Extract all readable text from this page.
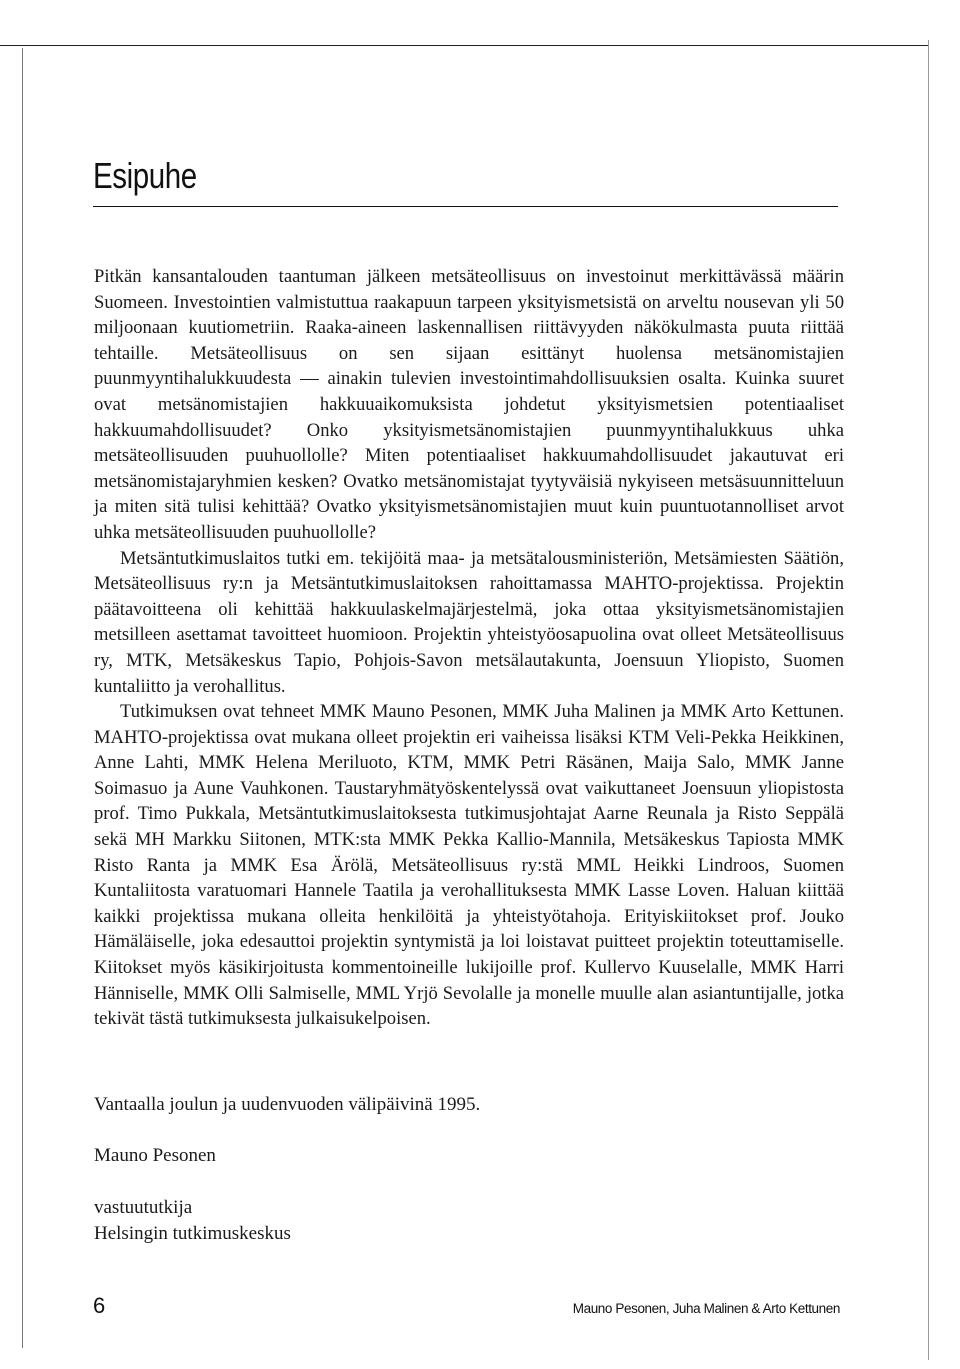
Esipuhe

Pitkän kansantalouden taantuman jälkeen metsäteollisuus on investoinut merkittävässä määrin Suomeen. Investointien valmistuttua raakapuun tarpeen yksityismetsistä on arveltu nousevan yli 50 miljoonaan kuutiometriin. Raaka-aineen laskennallisen riittävyyden näkökulmasta puuta riittää tehtaille. Metsäteollisuus on sen sijaan esittänyt huolensa metsänomistajien puunmyyntihalukkuudesta — ainakin tulevien investointimahdollisuuksien osalta. Kuinka suuret ovat metsänomistajien hakkuuaikomuksista johdetut yksityismetsien potentiaaliset hakkuumahdollisuudet? Onko yksityismetsänomistajien puunmyyntihalukkuus uhka metsäteollisuuden puuhuollolle? Miten potentiaaliset hakkuumahdollisuudet jakautuvat eri metsänomistajaryhmien kesken? Ovatko metsänomistajat tyytyväisiä nykyiseen metsäsuunnitteluun ja miten sitä tulisi kehittää? Ovatko yksityismetsänomistajien muut kuin puuntuotannolliset arvot uhka metsäteollisuuden puuhuollolle?

Metsäntutkimuslaitos tutki em. tekijöitä maa- ja metsätalousministeriön, Metsämiesten Säätiön, Metsäteollisuus ry:n ja Metsäntutkimuslaitoksen rahoittamassa MAHTO-projektissa. Projektin päätavoitteena oli kehittää hakkuulaskelmajärjestelmä, joka ottaa yksityismetsänomistajien metsilleen asettamat tavoitteet huomioon. Projektin yhteistyöosapuolina ovat olleet Metsäteollisuus ry, MTK, Metsäkeskus Tapio, Pohjois-Savon metsälautakunta, Joensuun Yliopisto, Suomen kuntaliitto ja verohallitus.

Tutkimuksen ovat tehneet MMK Mauno Pesonen, MMK Juha Malinen ja MMK Arto Kettunen. MAHTO-projektissa ovat mukana olleet projektin eri vaiheissa lisäksi KTM Veli-Pekka Heikkinen, Anne Lahti, MMK Helena Meriluoto, KTM, MMK Petri Räsänen, Maija Salo, MMK Janne Soimasuo ja Aune Vauhkonen. Taustaryhmätyöskentelyssä ovat vaikuttaneet Joensuun yliopistosta prof. Timo Pukkala, Metsäntutkimuslaitoksesta tutkimusjohtajat Aarne Reunala ja Risto Seppälä sekä MH Markku Siitonen, MTK:sta MMK Pekka Kallio-Mannila, Metsäkeskus Tapiosta MMK Risto Ranta ja MMK Esa Ärölä, Metsäteollisuus ry:stä MML Heikki Lindroos, Suomen Kuntaliitosta varatuomari Hannele Taatila ja verohallituksesta MMK Lasse Loven. Haluan kiittää kaikki projektissa mukana olleita henkilöitä ja yhteistyötahoja. Erityiskiitokset prof. Jouko Hämäläiselle, joka edesauttoi projektin syntymistä ja loi loistavat puitteet projektin toteuttamiselle. Kiitokset myös käsikirjoitusta kommentoineille lukijoille prof. Kullervo Kuuselalle, MMK Harri Hänniselle, MMK Olli Salmiselle, MML Yrjö Sevolalle ja monelle muulle alan asiantuntijalle, jotka tekivät tästä tutkimuksesta julkaisukelpoisen.

Vantaalla joulun ja uudenvuoden välipäivinä 1995.
Mauno Pesonen
vastuututkija
Helsingin tutkimuskeskus
6	Mauno Pesonen, Juha Malinen & Arto Kettunen
